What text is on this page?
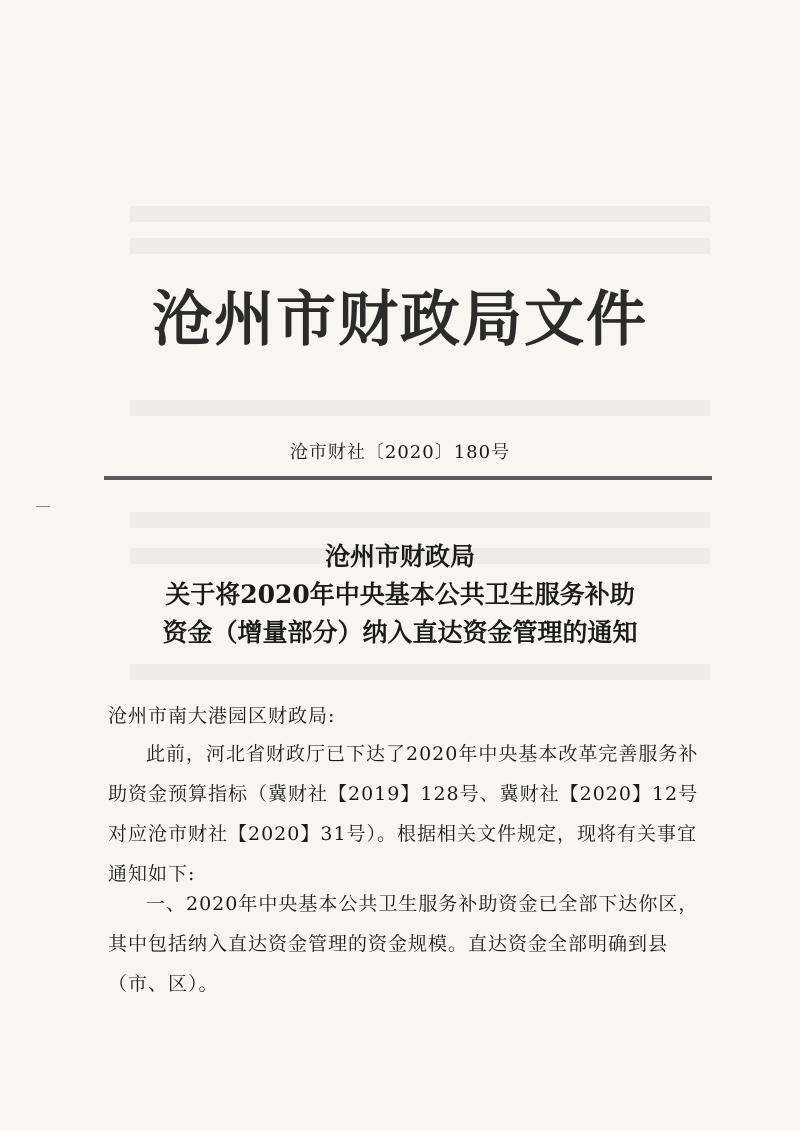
沧州市财政局文件
沧市财社〔2020〕180号
沧州市财政局
关于将2020年中央基本公共卫生服务补助
资金（增量部分）纳入直达资金管理的通知
沧州市南大港园区财政局:
此前，河北省财政厅已下达了2020年中央基本改革完善服务补助资金预算指标（冀财社【2019】128号、冀财社【2020】12号对应沧市财社【2020】31号）。根据相关文件规定，现将有关事宜通知如下:
一、2020年中央基本公共卫生服务补助资金已全部下达你区，其中包括纳入直达资金管理的资金规模。直达资金全部明确到县（市、区）。
